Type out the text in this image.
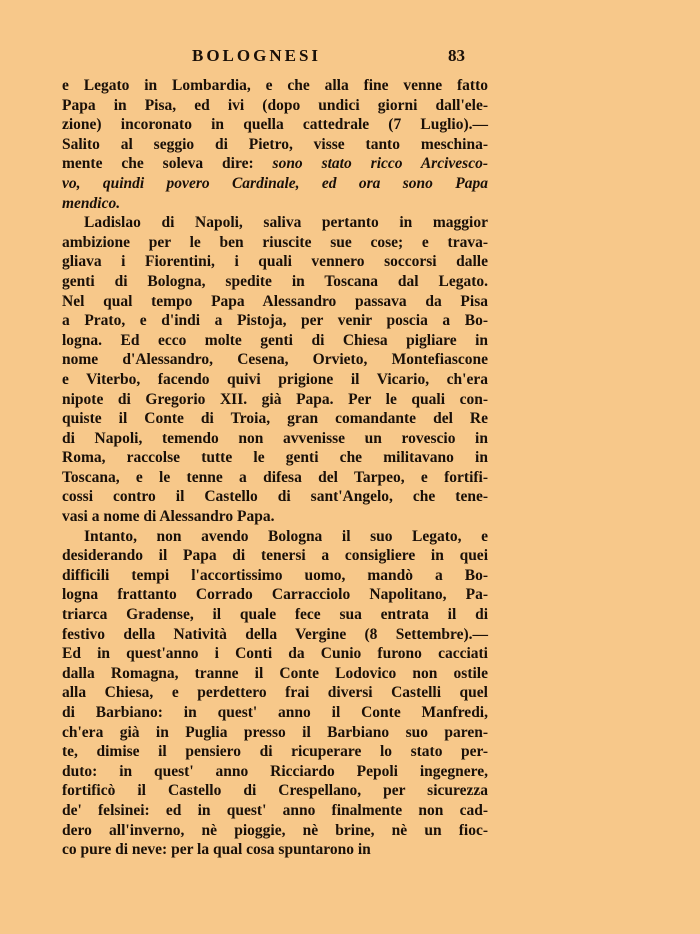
BOLOGNESI	83
e Legato in Lombardia, e che alla fine venne fatto
Papa in Pisa, ed ivi (dopo undici giorni dall'ele-
zione) incoronato in quella cattedrale (7 Luglio).—
Salito al seggio di Pietro, visse tanto meschina-
mente che soleva dire: sono stato ricco Arcivesco-
vo, quindi povero Cardinale, ed ora sono Papa
mendico.
Ladislao di Napoli, saliva pertanto in maggior
ambizione per le ben riuscite sue cose; e trava-
gliava i Fiorentini, i quali vennero soccorsi dalle
genti di Bologna, spedite in Toscana dal Legato.
Nel qual tempo Papa Alessandro passava da Pisa
a Prato, e d'indi a Pistoja, per venir poscia a Bo-
logna. Ed ecco molte genti di Chiesa pigliare in
nome d'Alessandro, Cesena, Orvieto, Montefiascone
e Viterbo, facendo quivi prigione il Vicario, ch'era
nipote di Gregorio XII. già Papa. Per le quali con-
quiste il Conte di Troia, gran comandante del Re
di Napoli, temendo non avvenisse un rovescio in
Roma, raccolse tutte le genti che militavano in
Toscana, e le tenne a difesa del Tarpeo, e fortifi-
cossi contro il Castello di sant'Angelo, che tene-
vasi a nome di Alessandro Papa.
Intanto, non avendo Bologna il suo Legato, e
desiderando il Papa di tenersi a consigliere in quei
difficili tempi l'accortissimo uomo, mandò a Bo-
logna frattanto Corrado Carracciolo Napolitano, Pa-
triarca Gradense, il quale fece sua entrata il di
festivo della Natività della Vergine (8 Settembre).—
Ed in quest'anno i Conti da Cunio furono cacciati
dalla Romagna, tranne il Conte Lodovico non ostile
alla Chiesa, e perdettero frai diversi Castelli quel
di Barbiano: in quest' anno il Conte Manfredi,
ch'era già in Puglia presso il Barbiano suo paren-
te, dimise il pensiero di ricuperare lo stato per-
duto: in quest' anno Ricciardo Pepoli ingegnere,
fortificò il Castello di Crespellano, per sicurezza
de' felsinei: ed in quest' anno finalmente non cad-
dero all'inverno, nè pioggie, nè brine, nè un fioc-
co pure di neve: per la qual cosa spuntarono in
